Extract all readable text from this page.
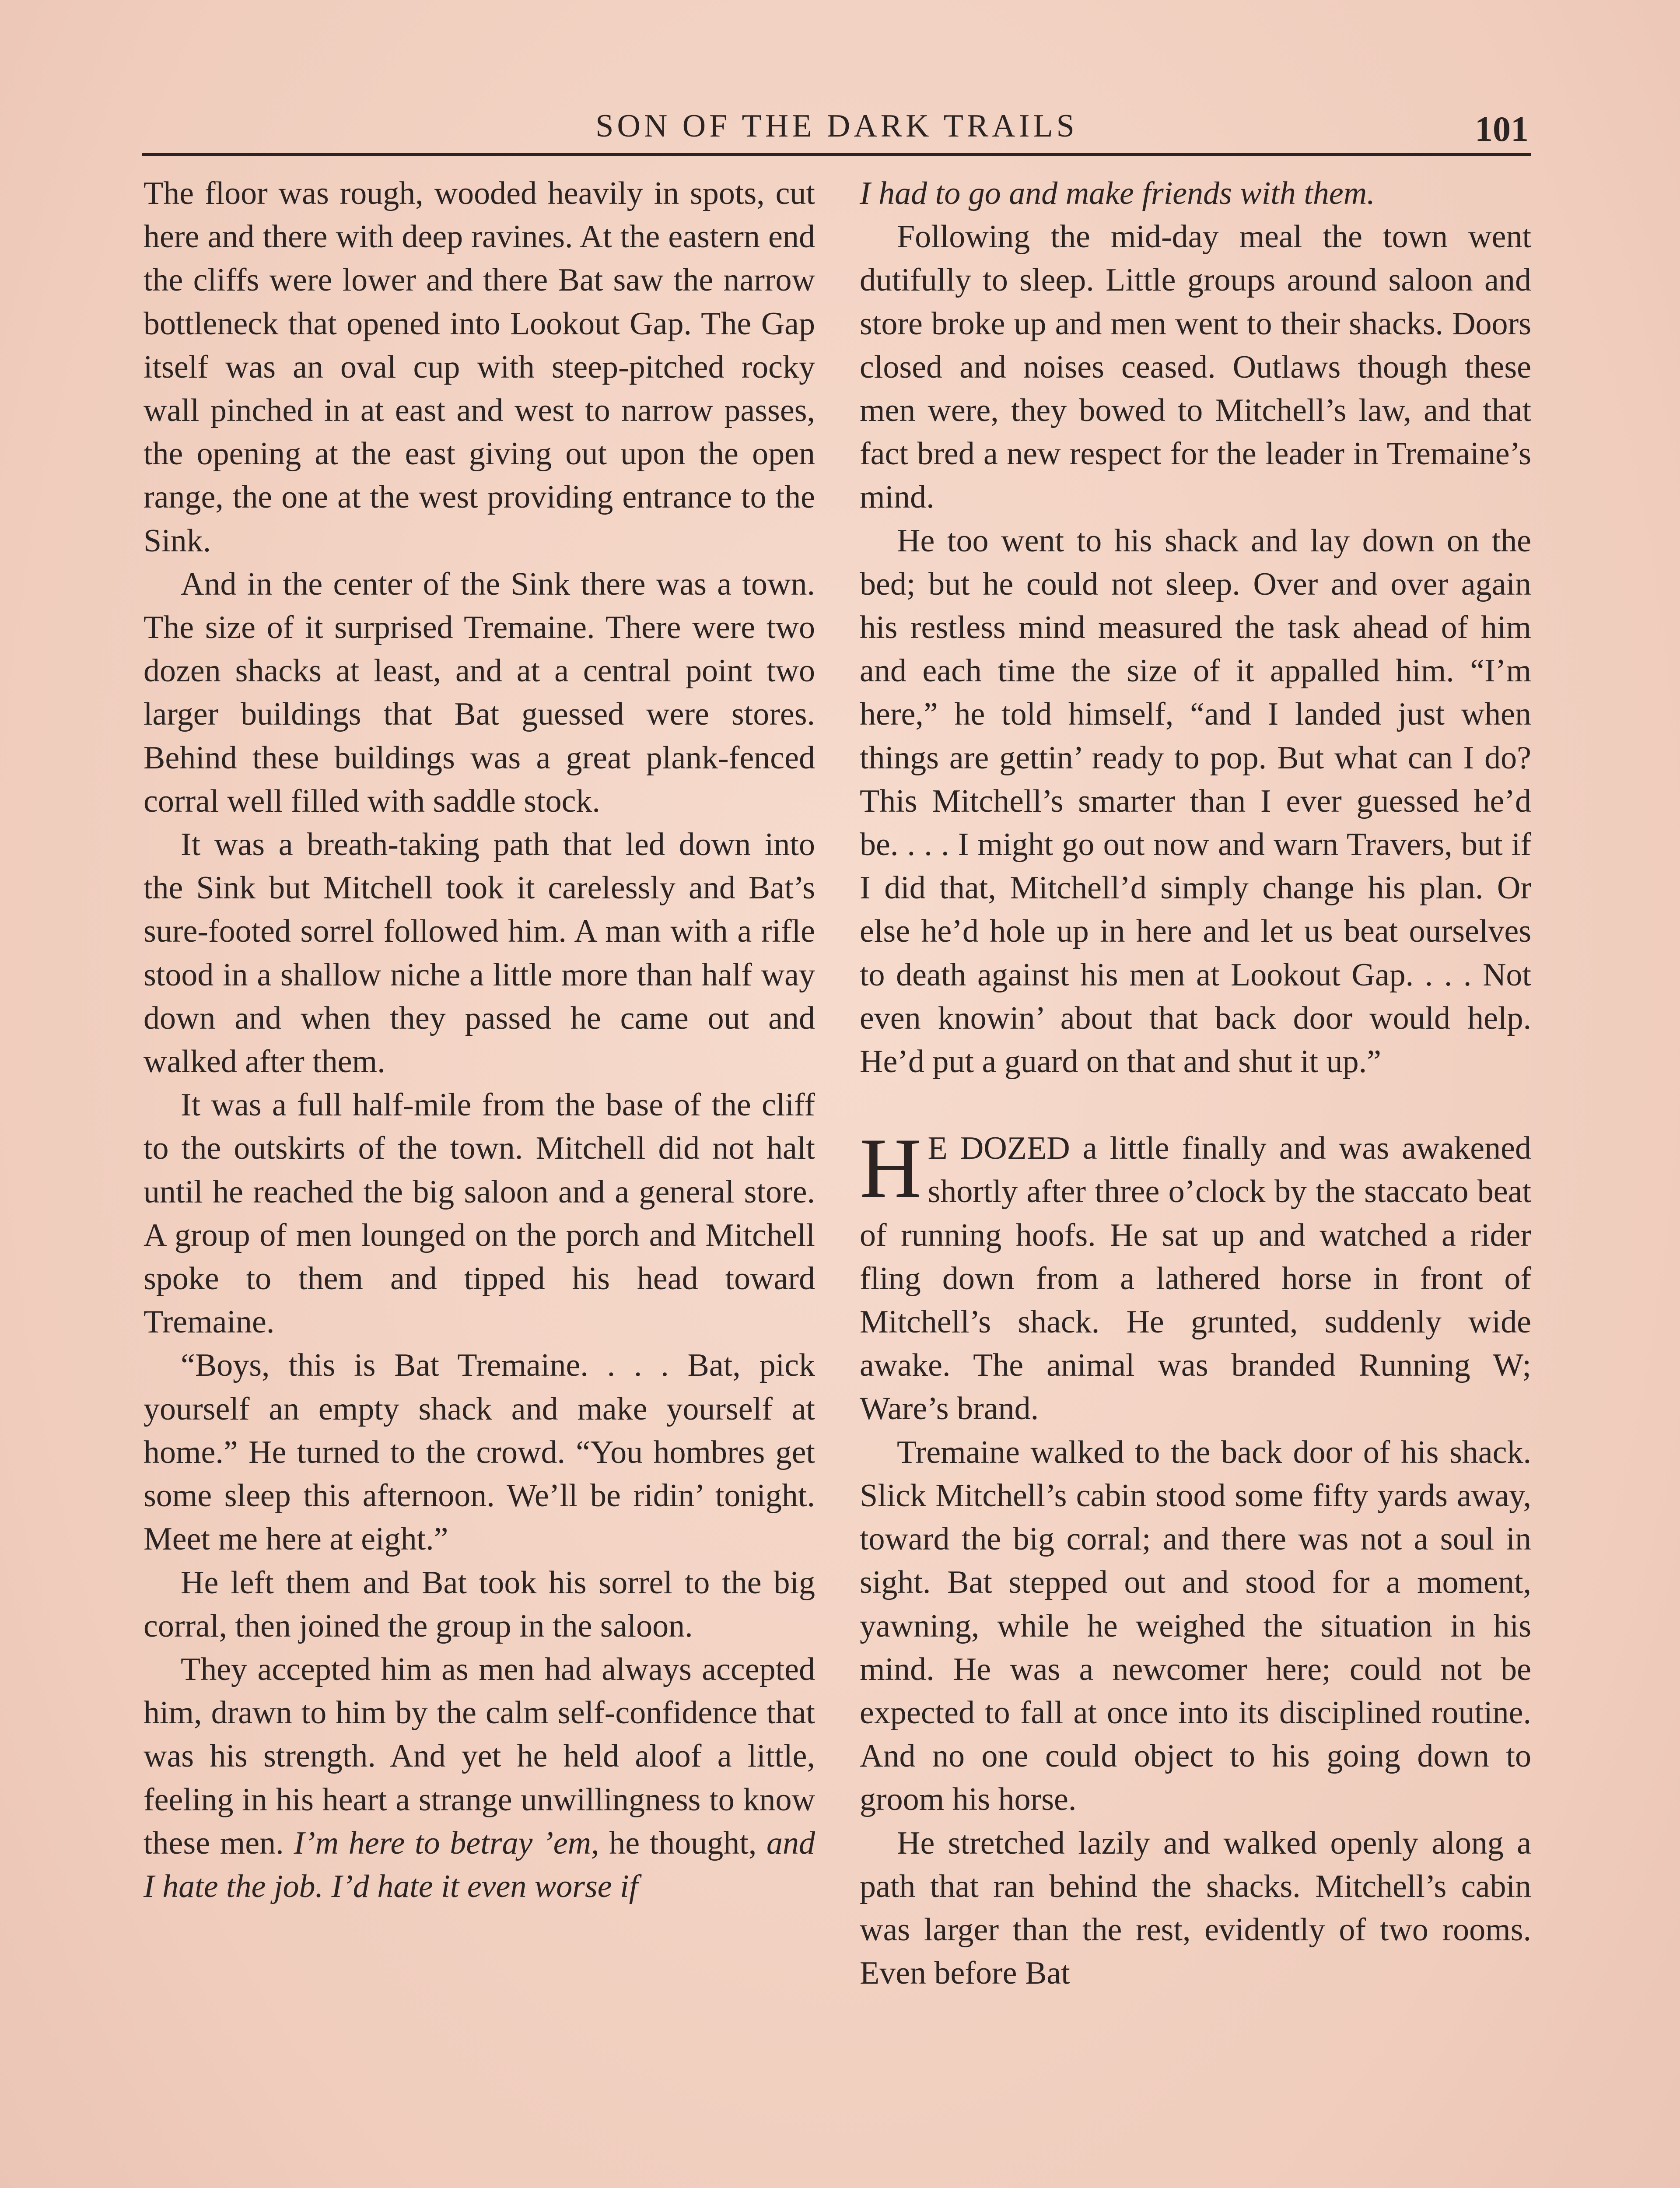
SON OF THE DARK TRAILS	101

The floor was rough, wooded heavily in spots, cut here and there with deep ravines. At the eastern end the cliffs were lower and there Bat saw the narrow bottleneck that opened into Lookout Gap. The Gap itself was an oval cup with steep-pitched rocky wall pinched in at east and west to narrow passes, the opening at the east giving out upon the open range, the one at the west providing entrance to the Sink.

And in the center of the Sink there was a town. The size of it surprised Tremaine. There were two dozen shacks at least, and at a central point two larger buildings that Bat guessed were stores. Behind these buildings was a great plank-fenced corral well filled with saddle stock.

It was a breath-taking path that led down into the Sink but Mitchell took it carelessly and Bat’s sure-footed sorrel followed him. A man with a rifle stood in a shallow niche a little more than half way down and when they passed he came out and walked after them.

It was a full half-mile from the base of the cliff to the outskirts of the town. Mitchell did not halt until he reached the big saloon and a general store. A group of men lounged on the porch and Mitchell spoke to them and tipped his head toward Tremaine.

“Boys, this is Bat Tremaine. . . . Bat, pick yourself an empty shack and make yourself at home.” He turned to the crowd. “You hombres get some sleep this afternoon. We’ll be ridin’ tonight. Meet me here at eight.”

He left them and Bat took his sorrel to the big corral, then joined the group in the saloon.

They accepted him as men had always accepted him, drawn to him by the calm self-confidence that was his strength. And yet he held aloof a little, feeling in his heart a strange unwillingness to know these men. I’m here to betray ’em, he thought, and I hate the job. I’d hate it even worse if

I had to go and make friends with them.

Following the mid-day meal the town went dutifully to sleep. Little groups around saloon and store broke up and men went to their shacks. Doors closed and noises ceased. Outlaws though these men were, they bowed to Mitchell’s law, and that fact bred a new respect for the leader in Tremaine’s mind.

He too went to his shack and lay down on the bed; but he could not sleep. Over and over again his restless mind measured the task ahead of him and each time the size of it appalled him. “I’m here,” he told himself, “and I landed just when things are gettin’ ready to pop. But what can I do? This Mitchell’s smarter than I ever guessed he’d be. . . . I might go out now and warn Travers, but if I did that, Mitchell’d simply change his plan. Or else he’d hole up in here and let us beat ourselves to death against his men at Lookout Gap. . . . Not even knowin’ about that back door would help. He’d put a guard on that and shut it up.”

H E DOZED a little finally and was awakened shortly after three o’clock by the staccato beat of running hoofs. He sat up and watched a rider fling down from a lathered horse in front of Mitchell’s shack. He grunted, suddenly wide awake. The animal was branded Running W; Ware’s brand.

Tremaine walked to the back door of his shack. Slick Mitchell’s cabin stood some fifty yards away, toward the big corral; and there was not a soul in sight. Bat stepped out and stood for a moment, yawning, while he weighed the situation in his mind. He was a newcomer here; could not be expected to fall at once into its disciplined routine. And no one could object to his going down to groom his horse.

He stretched lazily and walked openly along a path that ran behind the shacks. Mitchell’s cabin was larger than the rest, evidently of two rooms. Even before Bat
